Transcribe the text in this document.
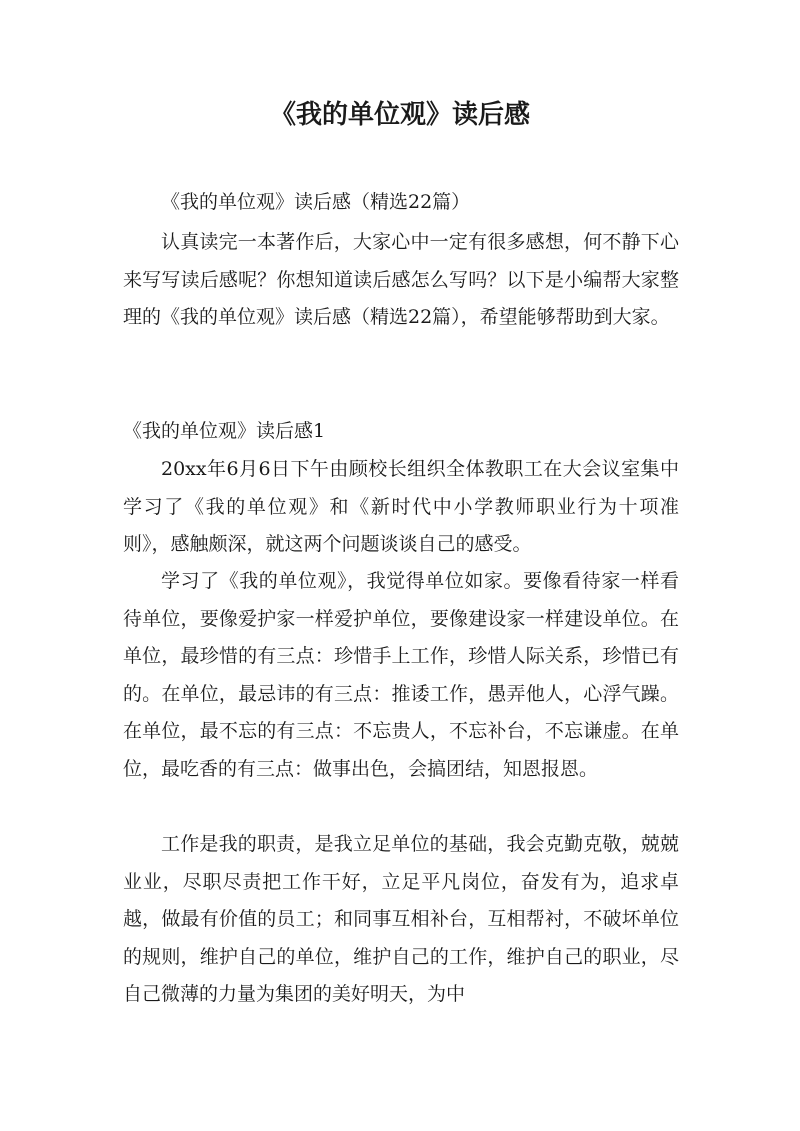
《我的单位观》读后感

《我的单位观》读后感（精选22篇）

认真读完一本著作后，大家心中一定有很多感想，何不静下心来写写读后感呢？你想知道读后感怎么写吗？以下是小编帮大家整理的《我的单位观》读后感（精选22篇），希望能够帮助到大家。

《我的单位观》读后感1

20xx年6月6日下午由顾校长组织全体教职工在大会议室集中学习了《我的单位观》和《新时代中小学教师职业行为十项准则》，感触颇深，就这两个问题谈谈自己的感受。

学习了《我的单位观》，我觉得单位如家。要像看待家一样看待单位，要像爱护家一样爱护单位，要像建设家一样建设单位。在单位，最珍惜的有三点：珍惜手上工作，珍惜人际关系，珍惜已有的。在单位，最忌讳的有三点：推诿工作，愚弄他人，心浮气躁。在单位，最不忘的有三点：不忘贵人，不忘补台，不忘谦虚。在单位，最吃香的有三点：做事出色，会搞团结，知恩报恩。

工作是我的职责，是我立足单位的基础，我会克勤克敬，兢兢业业，尽职尽责把工作干好，立足平凡岗位，奋发有为，追求卓越，做最有价值的员工；和同事互相补台，互相帮衬，不破坏单位的规则，维护自己的单位，维护自己的工作，维护自己的职业，尽自己微薄的力量为集团的美好明天，为中
